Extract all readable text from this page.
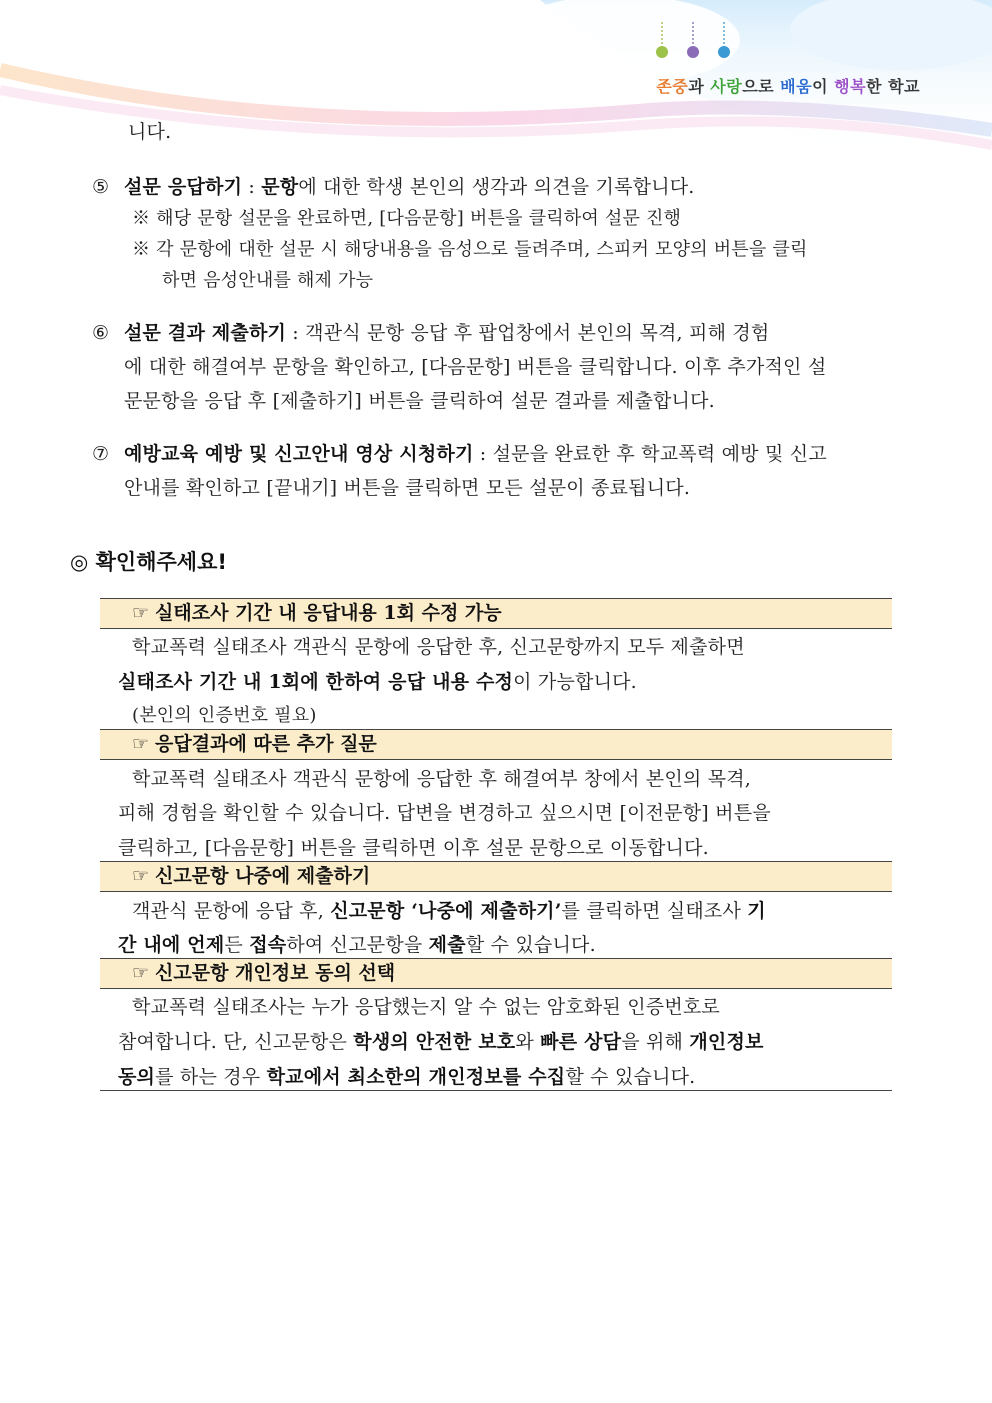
존중과 사랑으로 배움이 행복한 학교
니다.
⑤ 설문 응답하기 : 문항에 대한 학생 본인의 생각과 의견을 기록합니다.
※ 해당 문항 설문을 완료하면, [다음문항] 버튼을 클릭하여 설문 진행
※ 각 문항에 대한 설문 시 해당내용을 음성으로 들려주며, 스피커 모양의 버튼을 클릭
하면 음성안내를 해제 가능
⑥ 설문 결과 제출하기 : 객관식 문항 응답 후 팝업창에서 본인의 목격, 피해 경험
에 대한 해결여부 문항을 확인하고, [다음문항] 버튼을 클릭합니다. 이후 추가적인 설
문문항을 응답 후 [제출하기] 버튼을 클릭하여 설문 결과를 제출합니다.
⑦ 예방교육 예방 및 신고안내 영상 시청하기 : 설문을 완료한 후 학교폭력 예방 및 신고
안내를 확인하고 [끝내기] 버튼을 클릭하면 모든 설문이 종료됩니다.
◎ 확인해주세요!
☞ 실태조사 기간 내 응답내용 1회 수정 가능
학교폭력 실태조사 객관식 문항에 응답한 후, 신고문항까지 모두 제출하면
실태조사 기간 내 1회에 한하여 응답 내용 수정이 가능합니다.
(본인의 인증번호 필요)
☞ 응답결과에 따른 추가 질문
학교폭력 실태조사 객관식 문항에 응답한 후 해결여부 창에서 본인의 목격,
피해 경험을 확인할 수 있습니다. 답변을 변경하고 싶으시면 [이전문항] 버튼을
클릭하고, [다음문항] 버튼을 클릭하면 이후 설문 문항으로 이동합니다.
☞ 신고문항 나중에 제출하기
객관식 문항에 응답 후, 신고문항 ‘나중에 제출하기’를 클릭하면 실태조사 기
간 내에 언제든 접속하여 신고문항을 제출할 수 있습니다.
☞ 신고문항 개인정보 동의 선택
학교폭력 실태조사는 누가 응답했는지 알 수 없는 암호화된 인증번호로
참여합니다. 단, 신고문항은 학생의 안전한 보호와 빠른 상담을 위해 개인정보
동의를 하는 경우 학교에서 최소한의 개인정보를 수집할 수 있습니다.
